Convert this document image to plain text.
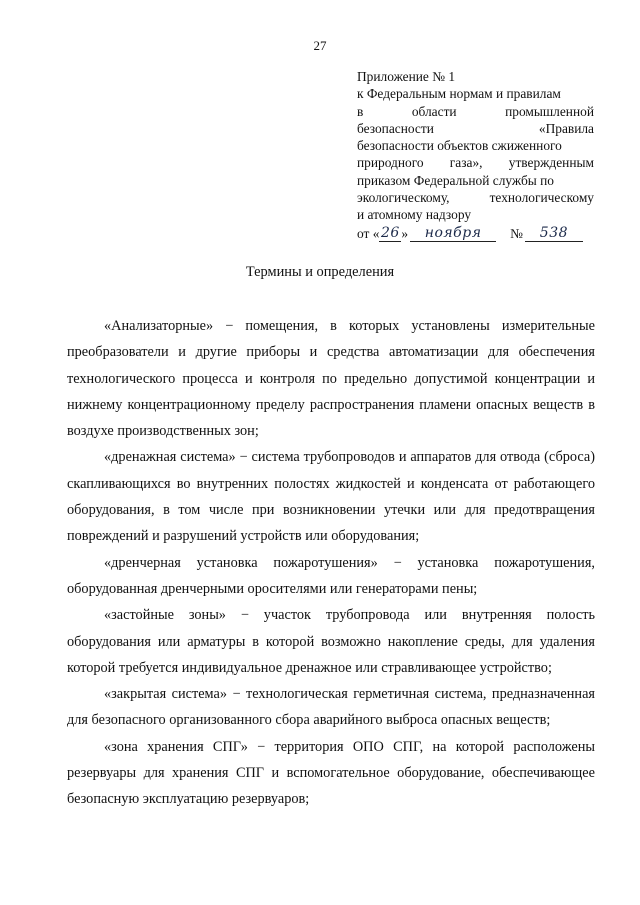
27
Приложение № 1
к Федеральным нормам и правилам
в области промышленной
безопасности «Правила
безопасности объектов сжиженного
природного газа», утвержденным
приказом Федеральной службы по
экологическому, технологическому
и атомному надзору
от « 26 »	ноября	№	538
Термины и определения

«Анализаторные» − помещения, в которых установлены измерительные преобразователи и другие приборы и средства автоматизации для обеспечения технологического процесса и контроля по предельно допустимой концентрации и нижнему концентрационному пределу распространения пламени опасных веществ в воздухе производственных зон;

«дренажная система» − система трубопроводов и аппаратов для отвода (сброса) скапливающихся во внутренних полостях жидкостей и конденсата от работающего оборудования, в том числе при возникновении утечки или для предотвращения повреждений и разрушений устройств или оборудования;

«дренчерная установка пожаротушения» − установка пожаротушения, оборудованная дренчерными оросителями или генераторами пены;

«застойные зоны» − участок трубопровода или внутренняя полость оборудования или арматуры в которой возможно накопление среды, для удаления которой требуется индивидуальное дренажное или стравливающее устройство;

«закрытая система» − технологическая герметичная система, предназначенная для безопасного организованного сбора аварийного выброса опасных веществ;

«зона хранения СПГ» − территория ОПО СПГ, на которой расположены резервуары для хранения СПГ и вспомогательное оборудование, обеспечивающее безопасную эксплуатацию резервуаров;
